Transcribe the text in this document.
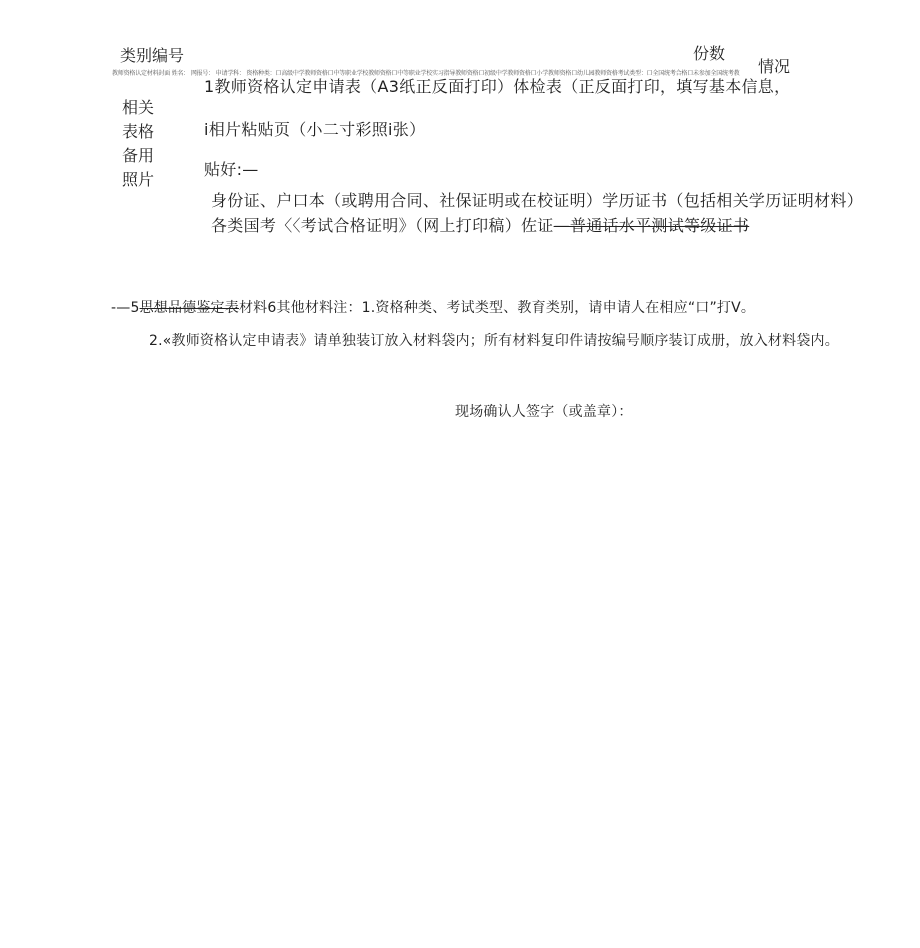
类别编号	份数
情况
教师资格认定材料封面 姓名： 网报号： 申请学科： 资格种类：口高级中学教师资格口中等职业学校教师资格口中等职业学校实习指导教师资格口初级中学教师资格口小学教师资格口幼儿园教师资格考试类型：口全国统考合格口未参加全国统考教
相关表格备用照片
1教师资格认定申请表（A3纸正反面打印）体检表（正反面打印，填写基本信息，
i相片粘贴页（小二寸彩照i张）
贴好:—
身份证、户口本（或聘用合同、社保证明或在校证明）学历证书（包括相关学历证明材料）各类国考〈〈考试合格证明》（网上打印稿）佐证—普通话水平测试等级证书
-—5思想品德鉴定表材料6其他材料注：1.资格种类、考试类型、教育类别，请申请人在相应“口”打V。
2.«教师资格认定申请表》请单独装订放入材料袋内；所有材料复印件请按编号顺序装订成册，放入材料袋内。
现场确认人签字（或盖章）：
